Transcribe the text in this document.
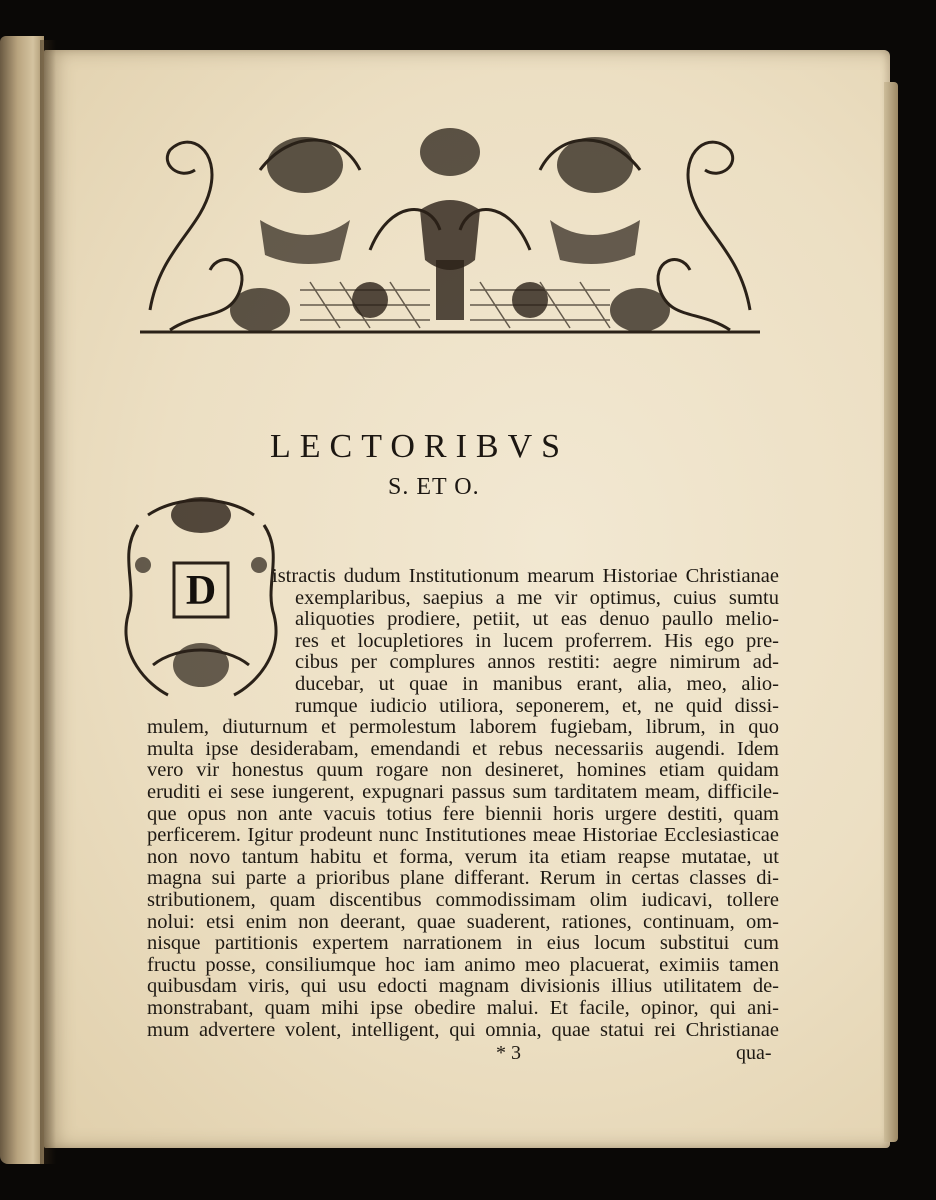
LECTORIBVS
S. ET O.
D	istractis dudum Institutionum mearum Historiae Christianae

exemplaribus, saepius a me vir optimus, cuius sumtu

aliquoties prodiere, petiit, ut eas denuo paullo melio-

res et locupletiores in lucem proferrem. His ego pre-

cibus per complures annos restiti: aegre nimirum ad-

ducebar, ut quae in manibus erant, alia, meo, alio-

rumque iudicio utiliora, seponerem, et, ne quid dissi-

mulem, diuturnum et permolestum laborem fugiebam, librum, in quo

multa ipse desiderabam, emendandi et rebus necessariis augendi. Idem

vero vir honestus quum rogare non desineret, homines etiam quidam

eruditi ei sese iungerent, expugnari passus sum tarditatem meam, difficile-

que opus non ante vacuis totius fere biennii horis urgere destiti, quam

perficerem. Igitur prodeunt nunc Institutiones meae Historiae Ecclesiasticae

non novo tantum habitu et forma, verum ita etiam reapse mutatae, ut

magna sui parte a prioribus plane differant. Rerum in certas classes di-

stributionem, quam discentibus commodissimam olim iudicavi, tollere

nolui: etsi enim non deerant, quae suaderent, rationes, continuam, om-

nisque partitionis expertem narrationem in eius locum substitui cum

fructu posse, consiliumque hoc iam animo meo placuerat, eximiis tamen

quibusdam viris, qui usu edocti magnam divisionis illius utilitatem de-

monstrabant, quam mihi ipse obedire malui. Et facile, opinor, qui ani-

mum advertere volent, intelligent, qui omnia, quae statui rei Christianae

* 3	qua-
